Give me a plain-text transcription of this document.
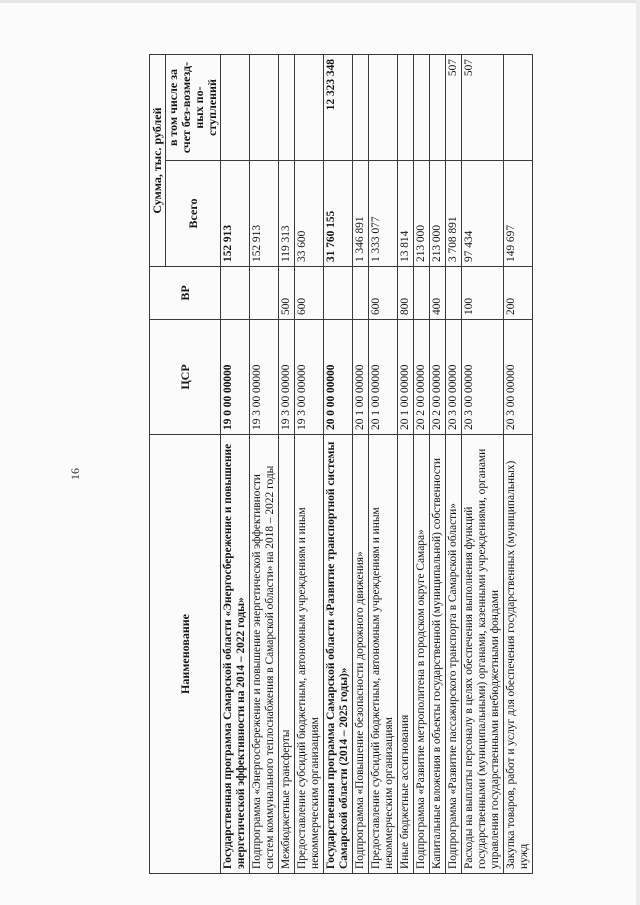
16
Наименование	ЦСР	ВР	Сумма, тыс. рублей	
			Всего	в том числе за счет без-возмезд-ных по-ступлений
Государственная программа Самарской области «Энергосбережение и повышение энергетической эффективности на 2014 – 2022 годы»	19 0 00 00000		152 913	
Подпрограмма «Энергосбережение и повышение энергетической эффективности систем коммунального теплоснабжения в Самарской области» на 2018 – 2022 годы	19 3 00 00000		152 913	
Межбюджетные трансферты	19 3 00 00000	500	119 313	
Предоставление субсидий бюджетным, автономным учреждениям и иным некоммерческим организациям	19 3 00 00000	600	33 600	
Государственная программа Самарской области «Развитие транспортной системы Самарской области (2014 – 2025 годы)»	20 0 00 00000		31 760 155	12 323 348
Подпрограмма «Повышение безопасности дорожного движения»	20 1 00 00000		1 346 891	
Предоставление субсидий бюджетным, автономным учреждениям и иным некоммерческим организациям	20 1 00 00000	600	1 333 077	
Иные бюджетные ассигнования	20 1 00 00000	800	13 814	
Подпрограмма «Развитие метрополитена в городском округе Самара»	20 2 00 00000		213 000	
Капитальные вложения в объекты государственной (муниципальной) собственности	20 2 00 00000	400	213 000	
Подпрограмма «Развитие пассажирского транспорта в Самарской области»	20 3 00 00000		3 708 891	507
Расходы на выплаты персоналу в целях обеспечения выполнения функций государственными (муниципальными) органами, казенными учреждениями, органами управления государственными внебюджетными фондами	20 3 00 00000	100	97 434	507
Закупка товаров, работ и услуг для обеспечения государственных (муниципальных) нужд	20 3 00 00000	200	149 697	
